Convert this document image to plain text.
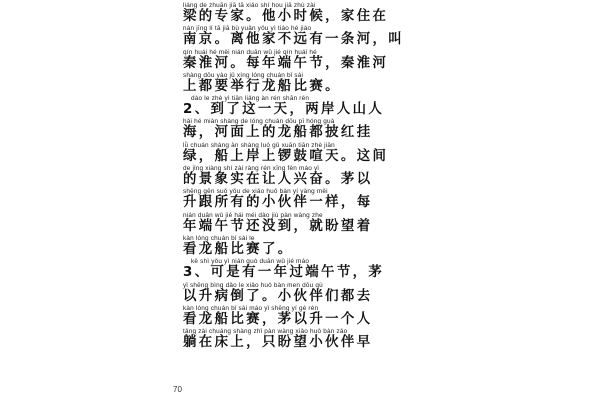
liáng de zhuān jiā tā xiǎo shí hou jiā zhù zài
梁的专家。他小时候，家住在
nán jīng lí tā jiā bù yuǎn yǒu yì tiáo hé jiào
南京。离他家不远有一条河，叫
qín huái hé měi nián duān wǔ jié qín huái hé
秦淮河。每年端午节，秦淮河
shàng dōu yào jǔ xíng lóng chuán bǐ sài
上都要举行龙船比赛。
dào le zhè yì tiān liǎng àn rén shān rén
2、到了这一天，两岸人山人
hǎi hé miàn shàng de lóng chuán dōu pī hóng guà
海，河面上的龙船都披红挂
lǜ chuán shàng àn shàng luó gǔ xuān tiān zhè jiān
绿，船上岸上锣鼓喧天。这间
de jǐng xiàng shí zài ràng rén xīng fèn máo yǐ
的景象实在让人兴奋。茅以
shēng gēn suǒ yǒu de xiǎo huǒ bàn yí yàng měi
升跟所有的小伙伴一样，每
nián duān wǔ jié hái méi dào jiù pàn wàng zhe
年端午节还没到，就盼望着
kàn lóng chuán bǐ sài le
看龙船比赛了。
kě shì yǒu yì nián guò duān wǔ jié máo
3、可是有一年过端午节，茅
yǐ shēng bìng dǎo le xiǎo huǒ bàn men dōu qù
以升病倒了。小伙伴们都去
kàn lóng chuán bǐ sài máo yǐ shēng yí gè rén
看龙船比赛，茅以升一个人
tǎng zài chuáng shàng zhǐ pàn wàng xiǎo huǒ bàn zǎo
躺在床上，只盼望小伙伴早
70
